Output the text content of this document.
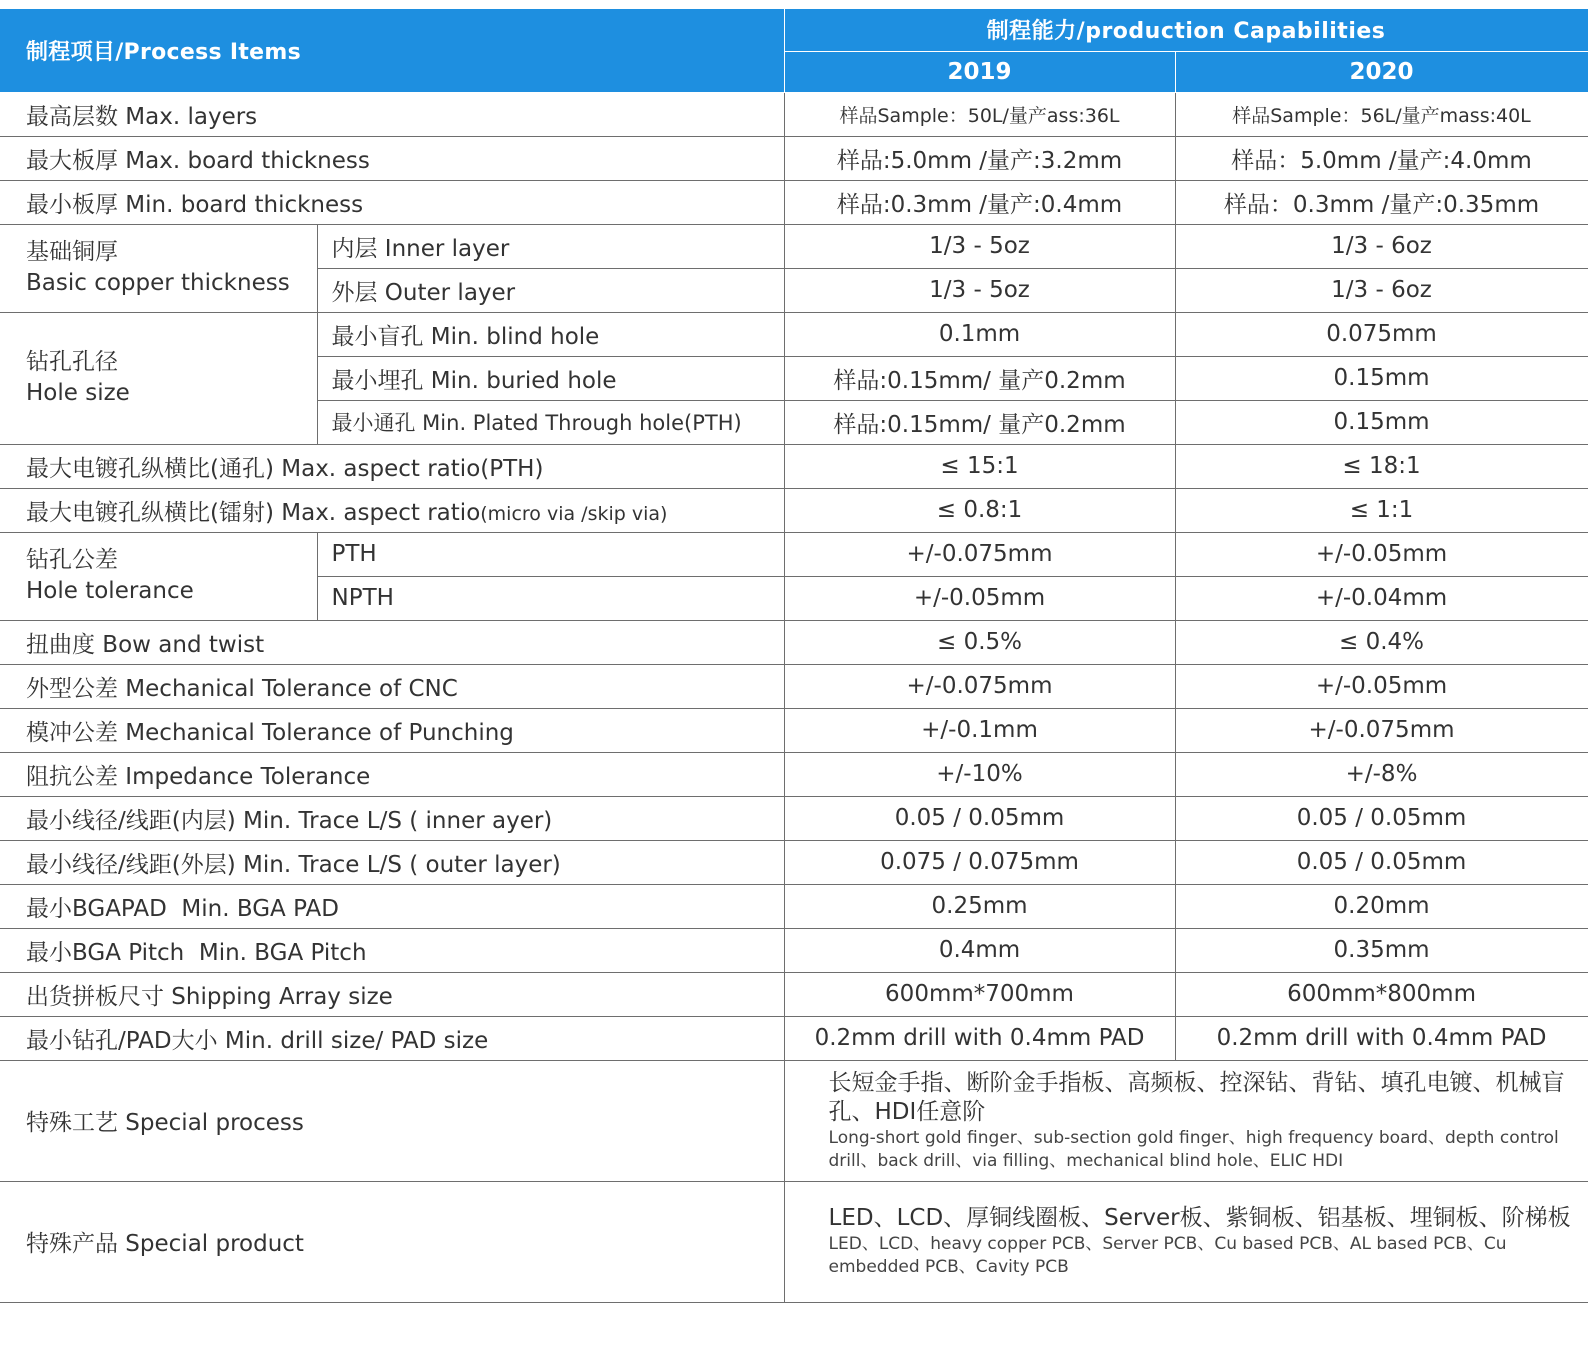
制程项目/Process Items		制程能力/production Capabilities	
		2019	2020
最高层数 Max. layers		样品Sample：50L/量产ass:36L	样品Sample：56L/量产mass:40L
最大板厚 Max. board thickness		样品:5.0mm /量产:3.2mm	样品：5.0mm /量产:4.0mm
最小板厚 Min. board thickness		样品:0.3mm /量产:0.4mm	样品：0.3mm /量产:0.35mm

基础铜厚
Basic copper thickness	内层 Inner layer	1/3 - 5oz	1/3 - 6oz
	外层 Outer layer	1/3 - 5oz	1/3 - 6oz

钻孔孔径
Hole size	最小盲孔 Min. blind hole	0.1mm	0.075mm
	最小埋孔 Min. buried hole	样品:0.15mm/ 量产0.2mm	0.15mm
	最小通孔 Min. Plated Through hole(PTH)	样品:0.15mm/ 量产0.2mm	0.15mm
最大电镀孔纵横比(通孔) Max. aspect ratio(PTH)		≤ 15:1	≤ 18:1
最大电镀孔纵横比(镭射) Max. aspect ratio(micro via /skip via)		≤ 0.8:1	≤ 1:1

钻孔公差
Hole tolerance	PTH	+/-0.075mm	+/-0.05mm
	NPTH	+/-0.05mm	+/-0.04mm
扭曲度 Bow and twist		≤ 0.5%	≤ 0.4%
外型公差 Mechanical Tolerance of CNC		+/-0.075mm	+/-0.05mm
模冲公差 Mechanical Tolerance of Punching		+/-0.1mm	+/-0.075mm
阻抗公差 Impedance Tolerance		+/-10%	+/-8%
最小线径/线距(内层) Min. Trace L/S ( inner ayer)		0.05 / 0.05mm	0.05 / 0.05mm
最小线径/线距(外层) Min. Trace L/S ( outer layer)		0.075 / 0.075mm	0.05 / 0.05mm
最小BGAPAD  Min. BGA PAD		0.25mm	0.20mm
最小BGA Pitch  Min. BGA Pitch		0.4mm	0.35mm
出货拼板尺寸 Shipping Array size		600mm*700mm	600mm*800mm
最小钻孔/PAD大小 Min. drill size/ PAD size		0.2mm drill with 0.4mm PAD	0.2mm drill with 0.4mm PAD
特殊工艺 Special process		长短金手指、断阶金手指板、高频板、控深钻、背钻、填孔电镀、机械盲孔、HDI任意阶
Long-short gold finger、sub-section gold finger、high frequency board、depth control drill、back drill、via filling、mechanical blind hole、ELIC HDI	

特殊产品 Special product		LED、LCD、厚铜线圈板、Server板、紫铜板、铝基板、埋铜板、阶梯板
LED、LCD、heavy copper PCB、Server PCB、Cu based PCB、AL based PCB、Cu embedded PCB、Cavity PCB	
